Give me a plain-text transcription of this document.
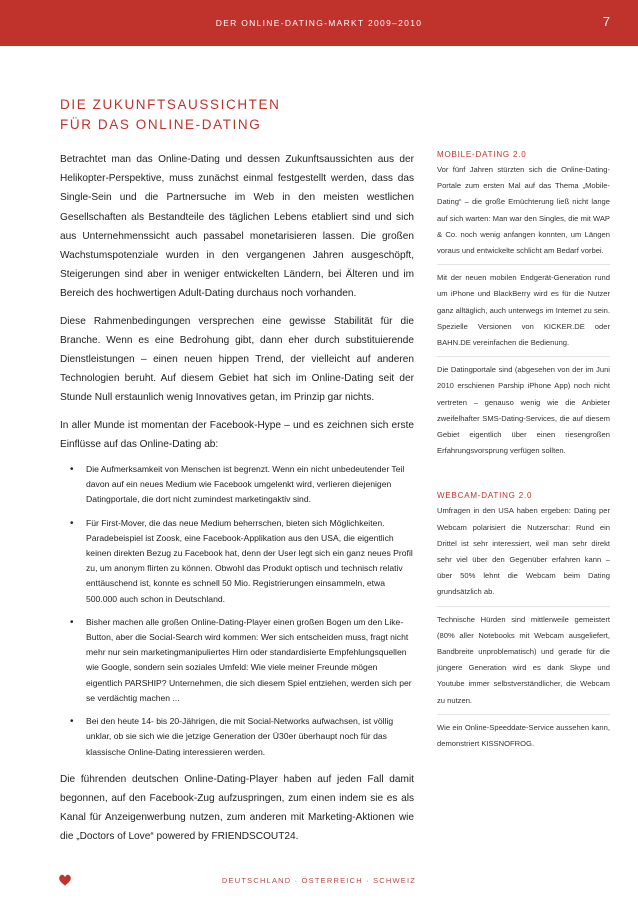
DER ONLINE-DATING-MARKT 2009–2010	7
DIE ZUKUNFTSAUSSICHTEN
FÜR DAS ONLINE-DATING

Betrachtet man das Online-Dating und dessen Zukunftsaussichten aus der Helikopter-Perspektive, muss zunächst einmal festgestellt werden, dass das Single-Sein und die Partnersuche im Web in den meisten westlichen Gesellschaften als Bestandteile des täglichen Lebens etabliert sind und sich aus Unternehmenssicht auch passabel monetarisieren lassen. Die großen Wachstumspotenziale wurden in den vergangenen Jahren ausgeschöpft, Steigerungen sind aber in weniger entwickelten Ländern, bei Älteren und im Bereich des hochwertigen Adult-Dating durchaus noch vorhanden.

Diese Rahmenbedingungen versprechen eine gewisse Stabilität für die Branche. Wenn es eine Bedrohung gibt, dann eher durch substituierende Dienstleistungen – einen neuen hippen Trend, der vielleicht auf anderen Technologien beruht. Auf diesem Gebiet hat sich im Online-Dating seit der Stunde Null erstaunlich wenig Innovatives getan, im Prinzip gar nichts.

In aller Munde ist momentan der Facebook-Hype – und es zeichnen sich erste Einflüsse auf das Online-Dating ab:

• Die Aufmerksamkeit von Menschen ist begrenzt. Wenn ein nicht unbedeutender Teil davon auf ein neues Medium wie Facebook umgelenkt wird, verlieren diejenigen Datingportale, die dort nicht zumindest marketingaktiv sind.
• Für First-Mover, die das neue Medium beherrschen, bieten sich Möglichkeiten. Paradebeispiel ist Zoosk, eine Facebook-Applikation aus den USA, die eigentlich keinen direkten Bezug zu Facebook hat, denn der User legt sich ein ganz neues Profil zu, um anonym flirten zu können. Obwohl das Produkt optisch und technisch relativ enttäuschend ist, konnte es schnell 50 Mio. Registrierungen einsammeln, etwa 500.000 auch schon in Deutschland.
• Bisher machen alle großen Online-Dating-Player einen großen Bogen um den Like-Button, aber die Social-Search wird kommen: Wer sich entscheiden muss, fragt nicht mehr nur sein marketingmanipuliertes Hirn oder standardisierte Empfehlungsquellen wie Google, sondern sein soziales Umfeld: Wie viele meiner Freunde mögen eigentlich PARSHIP? Unternehmen, die sich diesem Spiel entziehen, werden sich per se verdächtig machen ...
• Bei den heute 14- bis 20-Jährigen, die mit Social-Networks aufwachsen, ist völlig unklar, ob sie sich wie die jetzige Generation der Ü30er überhaupt noch für das klassische Online-Dating interessieren werden.

Die führenden deutschen Online-Dating-Player haben auf jeden Fall damit begonnen, auf den Facebook-Zug aufzuspringen, zum einen indem sie es als Kanal für Anzeigenwerbung nutzen, zum anderen mit Marketing-Aktionen wie die „Doctors of Love“ powered by FRIENDSCOUT24.

MOBILE-DATING 2.0

Vor fünf Jahren stürzten sich die Online-Dating-Portale zum ersten Mal auf das Thema „Mobile-Dating“ – die große Ernüchterung ließ nicht lange auf sich warten: Man war den Singles, die mit WAP & Co. noch wenig anfangen konnten, um Längen voraus und entwickelte schlicht am Bedarf vorbei.

Mit der neuen mobilen Endgerät-Generation rund um iPhone und BlackBerry wird es für die Nutzer ganz alltäglich, auch unterwegs im Internet zu sein. Spezielle Versionen von KICKER.DE oder BAHN.DE vereinfachen die Bedienung.

Die Datingportale sind (abgesehen von der im Juni 2010 erschienen Parship iPhone App) noch nicht vertreten – genauso wenig wie die Anbieter zweifelhafter SMS-Dating-Services, die auf diesem Gebiet eigentlich über einen riesengroßen Erfahrungsvorsprung verfügen sollten.

WEBCAM-DATING 2.0

Umfragen in den USA haben ergeben: Dating per Webcam polarisiert die Nutzerschar: Rund ein Drittel ist sehr interessiert, weil man sehr direkt sehr viel über den Gegenüber erfahren kann – über 50% lehnt die Webcam beim Dating grundsätzlich ab.

Technische Hürden sind mittlerweile gemeistert (80% aller Notebooks mit Webcam ausgeliefert, Bandbreite unproblematisch) und gerade für die jüngere Generation wird es dank Skype und Youtube immer selbstverständlicher, die Webcam zu nutzen.

Wie ein Online-Speeddate-Service aussehen kann, demonstriert KISSNOFROG.

DEUTSCHLAND · ÖSTERREICH · SCHWEIZ
